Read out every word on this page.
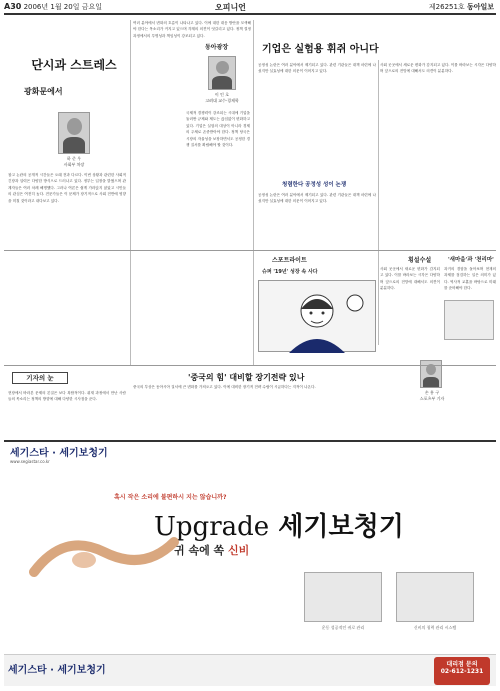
A30 2006년 1월 20일 금요일	오피니언	제26251호 동아일보
단시과 스트레스
광화문에서
하 준 우
사회부 차장

참고 논란의 공개적 시간들은 오래 전과 다르다. 이번 상황과 관련한 사회적 긴장과 압력은 다양한 방식으로 드러나고 있다. 정부는 입장을 밝혔으며 관계자들은 여러 차례 해명했다. 그러나 여론은 쉽게 가라앉지 않았고 시민들의 관심은 여전히 높다. 전문가들은 이 문제가 장기적으로 사회 전반에 영향을 미칠 것이라고 내다보고 있다.

여러 분야에서 변화의 흐름이 나타나고 있다. 이에 대한 대응 방안을 모색해야 한다는 목소리가 커지고 있으며 각계의 의견이 엇갈리고 있다. 정책 결정 과정에서의 투명성과 책임성이 강조되고 있다.

동아광장
이 인 호
고려대 교수·경제학

국제적 경쟁력이 강조되는 시대에 기업을 둘러싼 규제와 제도는 끊임없이 변화하고 있다. 기업은 실험의 대상이 아니라 경제의 주체로 존중받아야 한다. 정책 당국은 시장의 자율성을 보장하면서도 공정한 경쟁 질서를 확립해야 할 것이다.

기업은 실험용 휘쥐 아니다

공정성 논란은 여러 분야에서 제기되고 있다. 관련 기관들은 대책 마련에 나섰지만 실효성에 대한 의문이 이어지고 있다.

청렴한다 공정성 성이 논쟁

공정성 논란은 여러 분야에서 제기되고 있다. 관련 기관들은 대책 마련에 나섰지만 실효성에 대한 의문이 이어지고 있다.

사회 곳곳에서 새로운 변화가 감지되고 있다. 이를 바라보는 시각은 다양하며 앞으로의 전망에 대해서도 의견이 분분하다.

스포트라이트
슈퍼 '19년' 성장 속 사다
손 흥 구
스포츠부 기자
횡설수설

사회 곳곳에서 새로운 변화가 감지되고 있다. 이를 바라보는 시각은 다양하며 앞으로의 전망에 대해서도 의견이 분분하다.

'새마을'과 '천리마'

과거의 경험을 돌아보며 현재의 과제를 점검하는 일은 의미가 있다. 역사적 교훈을 바탕으로 미래를 준비해야 한다.

기자의 눈

현장에서 바라본 문제의 본질은 보다 복합적이다. 취재 과정에서 만난 사람들의 목소리는 정책의 방향에 대해 다양한 시사점을 준다.

'중국의 힘' 대비할 장기전략 있나

중국의 부상은 동아시아 질서에 큰 변화를 가져오고 있다. 이에 대비한 장기적 전략 수립이 시급하다는 지적이 나온다.

세기스타 · 세기보청기
www.segiastar.co.kr
혹시 작은 소리에 불편하시 지는 않습니까?
Upgrade 세기보청기
귀 속에 쏙 신비
운동 성공적인 귀로 관리	신비의 청력 관리 시스템
세기스타 · 세기보청기
대리점 문의
02-612-1231
